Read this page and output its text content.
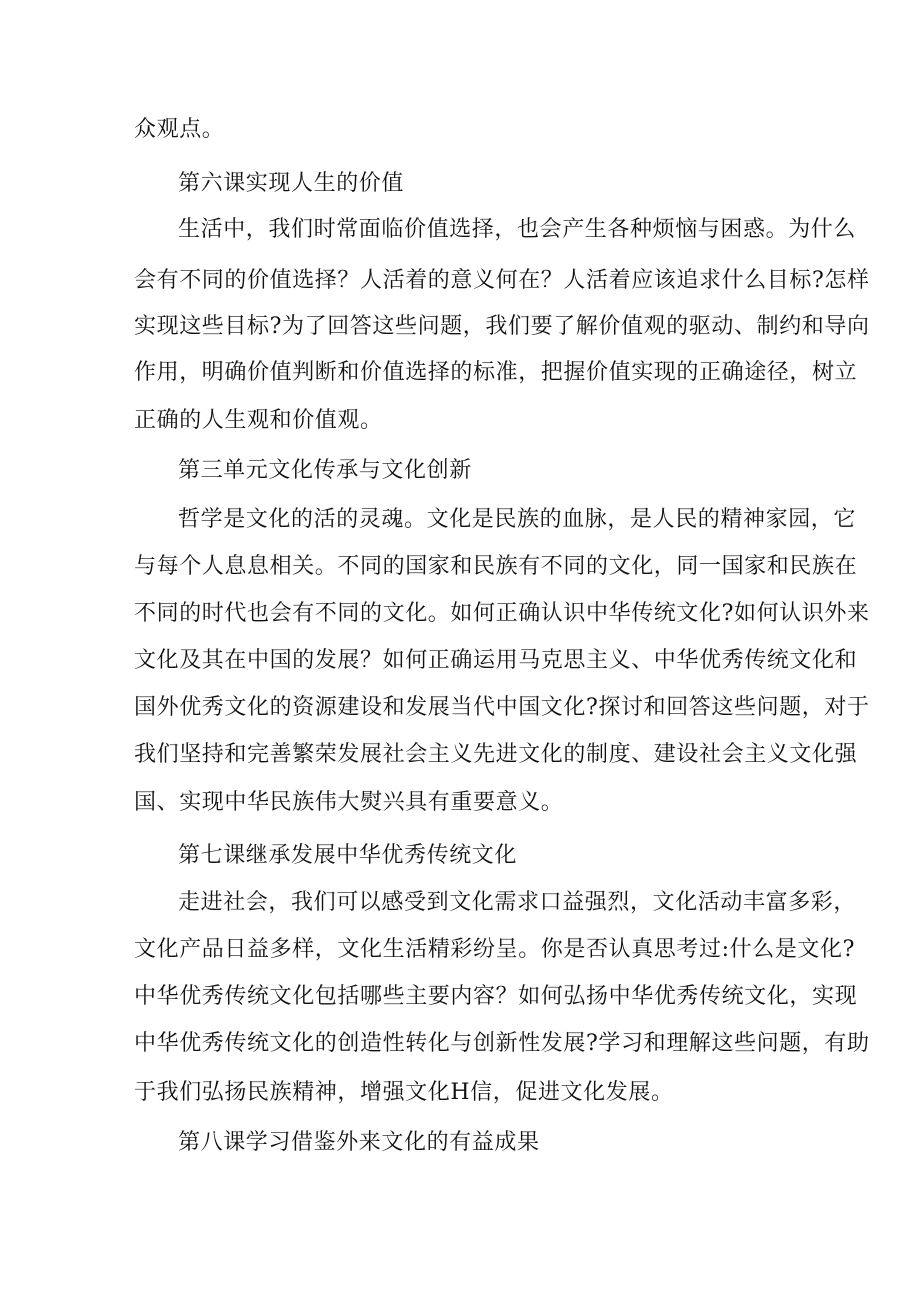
众观点。
第六课实现人生的价值
生活中，我们时常面临价值选择，也会产生各种烦恼与困惑。为什么
会有不同的价值选择？人活着的意义何在？人活着应该追求什么目标?怎样
实现这些目标?为了回答这些问题，我们要了解价值观的驱动、制约和导向
作用，明确价值判断和价值选择的标准，把握价值实现的正确途径，树立
正确的人生观和价值观。
第三单元文化传承与文化创新
哲学是文化的活的灵魂。文化是民族的血脉，是人民的精神家园，它
与每个人息息相关。不同的国家和民族有不同的文化，同一国家和民族在
不同的时代也会有不同的文化。如何正确认识中华传统文化?如何认识外来
文化及其在中国的发展？如何正确运用马克思主义、中华优秀传统文化和
国外优秀文化的资源建设和发展当代中国文化?探讨和回答这些问题，对于
我们坚持和完善繁荣发展社会主义先进文化的制度、建设社会主义文化强
国、实现中华民族伟大熨兴具有重要意义。
第七课继承发展中华优秀传统文化
走进社会，我们可以感受到文化需求口益强烈，文化活动丰富多彩，
文化产品日益多样，文化生活精彩纷呈。你是否认真思考过:什么是文化?
中华优秀传统文化包括哪些主要内容？如何弘扬中华优秀传统文化，实现
中华优秀传统文化的创造性转化与创新性发展?学习和理解这些问题，有助
于我们弘扬民族精神，增强文化H信，促进文化发展。
第八课学习借鉴外来文化的有益成果
